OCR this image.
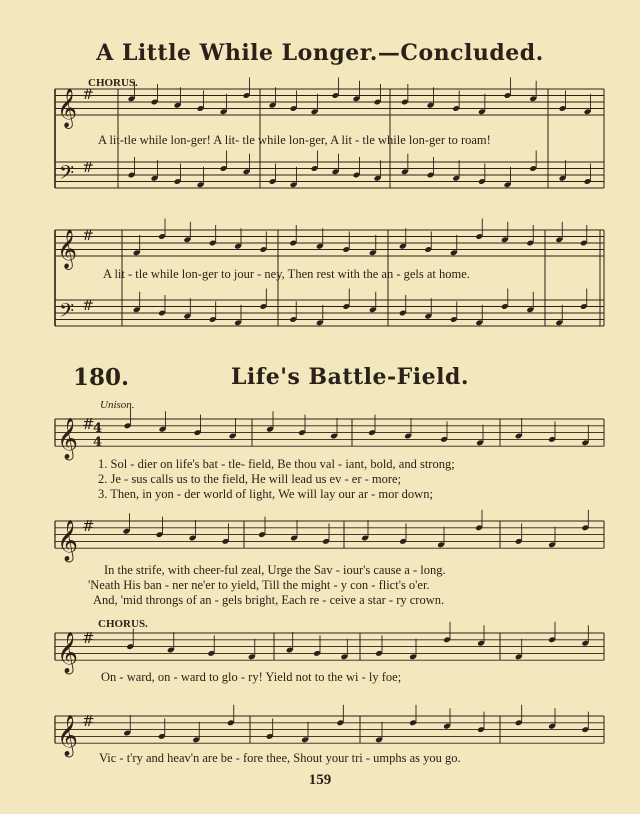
A Little While Longer.—Concluded.
𝄞
𝄢
#
#
𝄞
𝄢
#
#
𝄞 #
4
4
𝄞 #
𝄞 #
𝄞 #
CHORUS.
A lit-tle while lon-ger! A lit- tle while lon-ger, A lit - tle while lon-ger to roam!
A lit - tle while lon-ger to jour - ney, Then rest with the an - gels at home.
180.	Life's Battle-Field.
Unison.
1. Sol - dier on life's bat - tle- field, Be thou val - iant, bold, and strong;
2. Je - sus calls us to the field, He will lead us ev - er - more;
3. Then, in yon - der world of light, We will lay our ar - mor down;
In the strife, with cheer-ful zeal, Urge the Sav - iour's cause a - long.
'Neath His ban - ner ne'er to yield, Till the might - y con - flict's o'er.
And, 'mid throngs of an - gels bright, Each re - ceive a star - ry crown.
CHORUS.
On - ward, on - ward to glo - ry! Yield not to the wi - ly foe;
Vic - t'ry and heav'n are be - fore thee, Shout your tri - umphs as you go.
159
